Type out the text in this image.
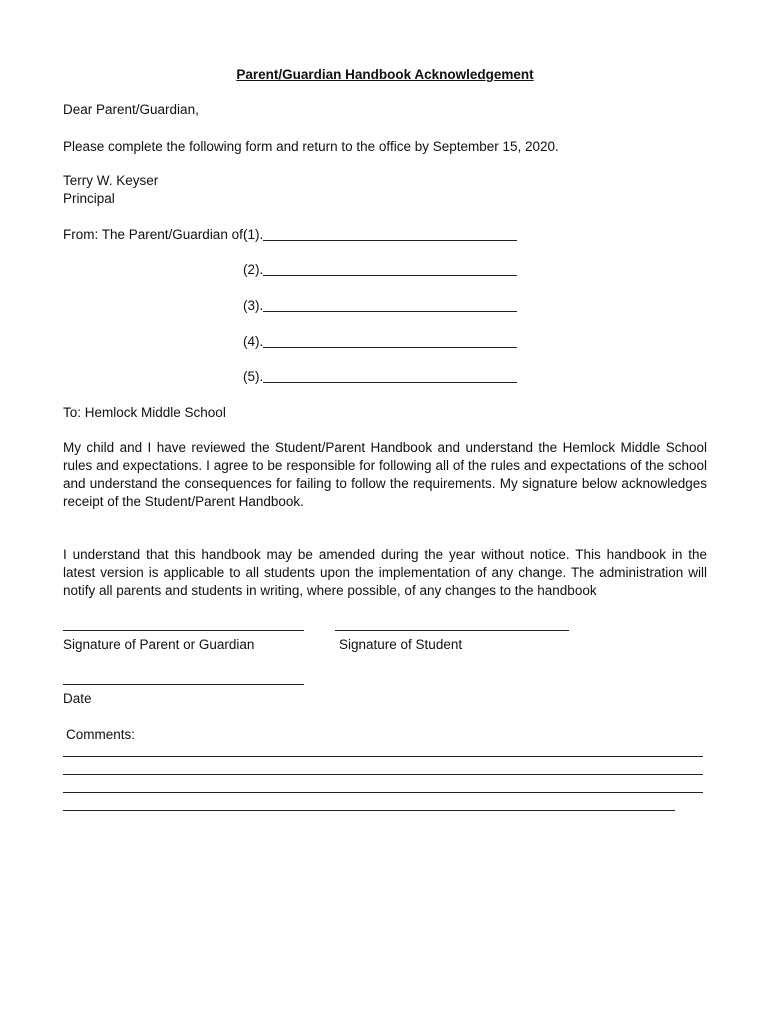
Parent/Guardian Handbook Acknowledgement
Dear Parent/Guardian,
Please complete the following form and return to the office by September 15, 2020.
Terry W. Keyser
Principal
From: The Parent/Guardian of:
(1).
(2).
(3).
(4).
(5).
To: Hemlock Middle School
My child and I have reviewed the Student/Parent Handbook and understand the Hemlock Middle School rules and expectations. I agree to be responsible for following all of the rules and expectations of the school and understand the consequences for failing to follow the requirements. My signature below acknowledges receipt of the Student/Parent Handbook.
I understand that this handbook may be amended during the year without notice. This handbook in the latest version is applicable to all students upon the implementation of any change. The administration will notify all parents and students in writing, where possible, of any changes to the handbook
Signature of Parent or Guardian	Signature of Student
Date
Comments:
